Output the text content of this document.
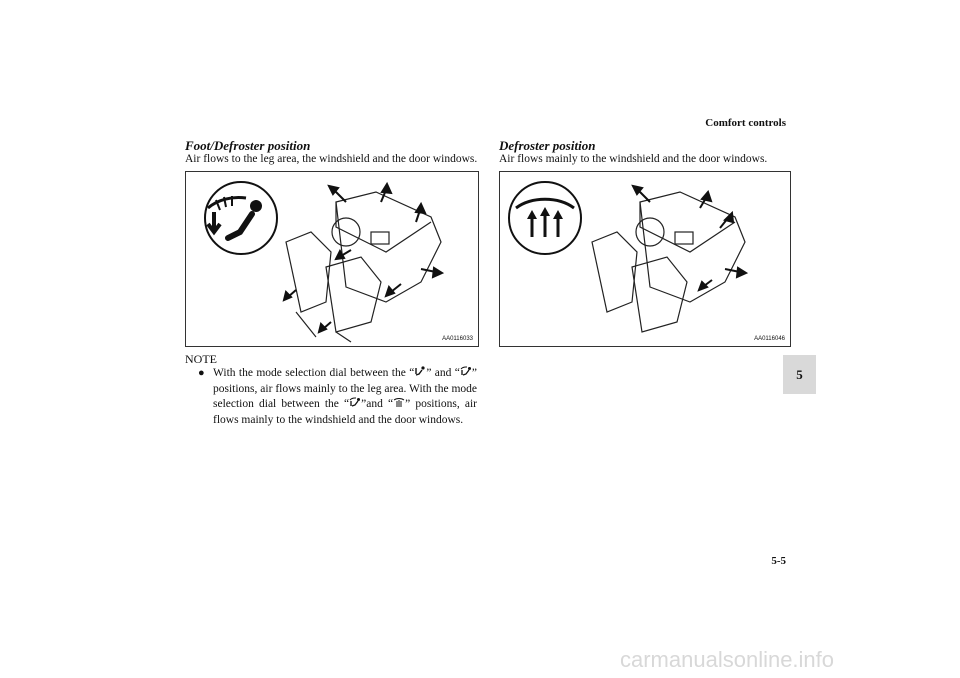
Comfort controls
Foot/Defroster position
Air flows to the leg area, the windshield and the door windows.
AA0116033
NOTE
● With the mode selection dial between the “ ” and “ ” positions, air flows mainly to the leg area. With the mode selection dial between the “ ”and “ ” positions, air flows mainly to the windshield and the door windows.
Defroster position
Air flows mainly to the windshield and the door windows.
AA0116046
5
5-5
carmanualsonline.info
